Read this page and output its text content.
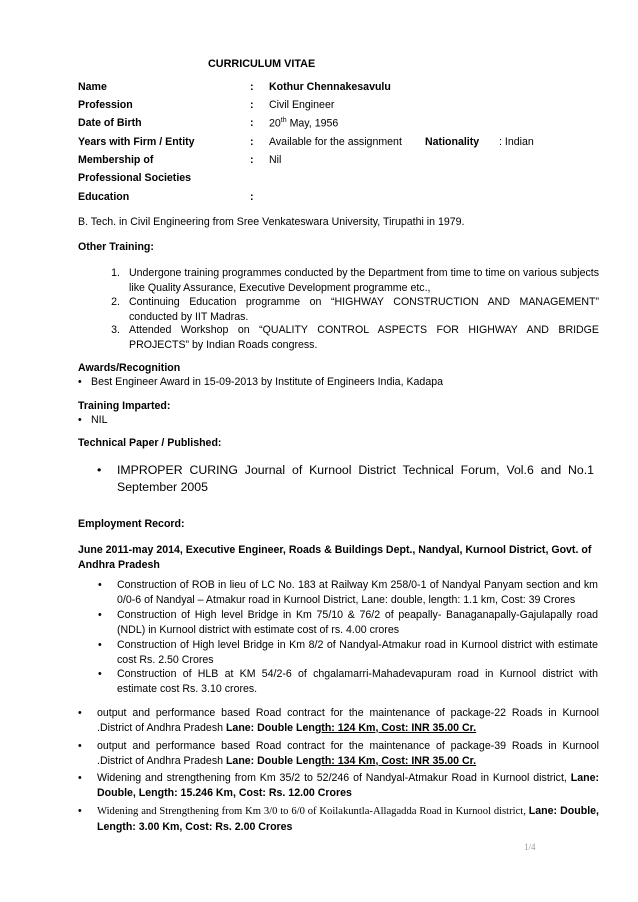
CURRICULUM VITAE
Name	: Kothur Chennakesavulu
Profession	: Civil Engineer
Date of Birth	: 20th May, 1956
Years with Firm / Entity	: Available for the assignment Nationality : Indian
Membership of	: Nil
Professional Societies
Education	:
B. Tech. in Civil Engineering from Sree Venkateswara University, Tirupathi in 1979.
Other Training:
1. Undergone training programmes conducted by the Department from time to time on various subjects like Quality Assurance, Executive Development programme etc.,
2. Continuing Education programme on “HIGHWAY CONSTRUCTION AND MANAGEMENT” conducted by IIT Madras.
3. Attended Workshop on “QUALITY CONTROL ASPECTS FOR HIGHWAY AND BRIDGE PROJECTS” by Indian Roads congress.
Awards/Recognition
• Best Engineer Award in 15-09-2013 by Institute of Engineers India, Kadapa
Training Imparted:
• NIL
Technical Paper / Published:
• IMPROPER CURING Journal of Kurnool District Technical Forum, Vol.6 and No.1 September 2005
Employment Record:
June 2011-may 2014, Executive Engineer, Roads & Buildings Dept., Nandyal, Kurnool District, Govt. of Andhra Pradesh
• Construction of ROB in lieu of LC No. 183 at Railway Km 258/0-1 of Nandyal Panyam section and km 0/0-6 of Nandyal – Atmakur road in Kurnool District, Lane: double, length: 1.1 km, Cost: 39 Crores
• Construction of High level Bridge in Km 75/10 & 76/2 of peapally- Banaganapally-Gajulapally road (NDL) in Kurnool district with estimate cost of rs. 4.00 crores
• Construction of High level Bridge in Km 8/2 of Nandyal-Atmakur road in Kurnool district with estimate cost Rs. 2.50 Crores
• Construction of HLB at KM 54/2-6 of chgalamarri-Mahadevapuram road in Kurnool district with estimate cost Rs. 3.10 crores.
• output and performance based Road contract for the maintenance of package-22 Roads in Kurnool .District of Andhra Pradesh Lane: Double Length: 124 Km, Cost: INR 35.00 Cr.
• output and performance based Road contract for the maintenance of package-39 Roads in Kurnool .District of Andhra Pradesh Lane: Double Length: 134 Km, Cost: INR 35.00 Cr.
• Widening and strengthening from Km 35/2 to 52/246 of Nandyal-Atmakur Road in Kurnool district, Lane: Double, Length: 15.246 Km, Cost: Rs. 12.00 Crores
• Widening and Strengthening from Km 3/0 to 6/0 of Koilakuntla-Allagadda Road in Kurnool district, Lane: Double, Length: 3.00 Km, Cost: Rs. 2.00 Crores
1/4
